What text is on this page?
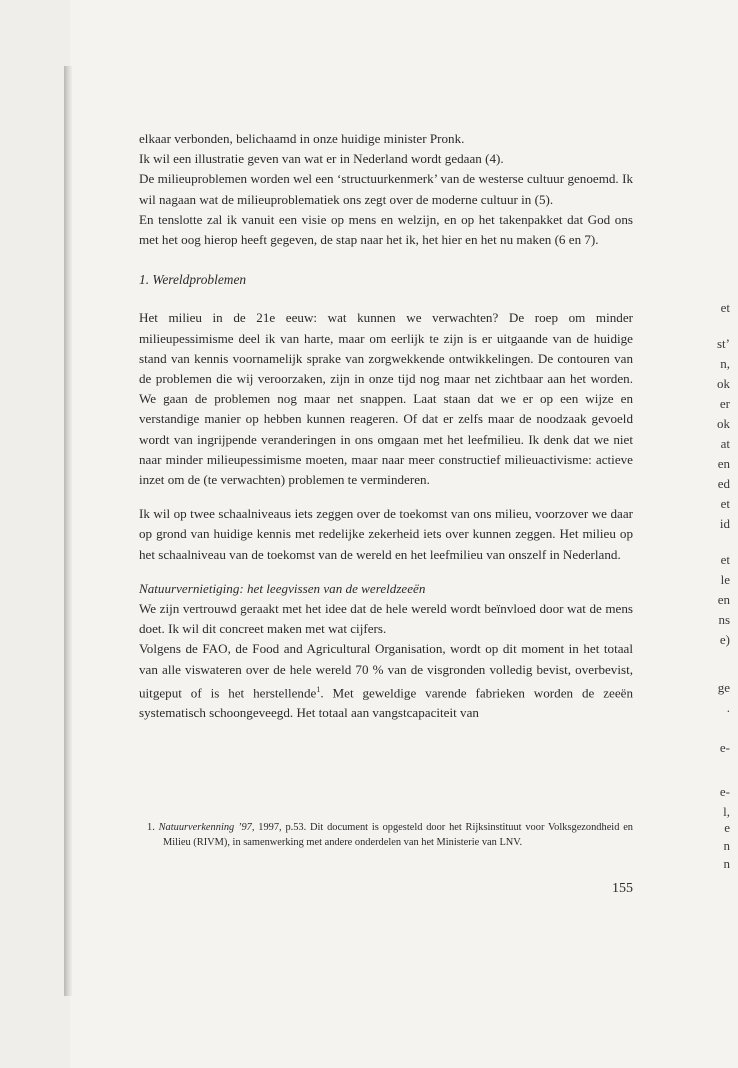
et
st’
n,
ok
er
ok
at
en
ed
et
id
et
le
en
ns
e)
ge
.
e-
e-
l,
e
n
n

elkaar verbonden, belichaamd in onze huidige minister Pronk.

Ik wil een illustratie geven van wat er in Nederland wordt gedaan (4).

De milieuproblemen worden wel een ‘structuurkenmerk’ van de westerse cultuur genoemd. Ik wil nagaan wat de milieuproblematiek ons zegt over de moderne cultuur in (5).

En tenslotte zal ik vanuit een visie op mens en welzijn, en op het takenpakket dat God ons met het oog hierop heeft gegeven, de stap naar het ik, het hier en het nu maken (6 en 7).

1. Wereldproblemen

Het milieu in de 21e eeuw: wat kunnen we verwachten? De roep om minder milieupessimisme deel ik van harte, maar om eerlijk te zijn is er uitgaande van de huidige stand van kennis voornamelijk sprake van zorgwekkende ontwikkelingen. De contouren van de problemen die wij veroorzaken, zijn in onze tijd nog maar net zichtbaar aan het worden. We gaan de problemen nog maar net snappen. Laat staan dat we er op een wijze en verstandige manier op hebben kunnen reageren. Of dat er zelfs maar de noodzaak gevoeld wordt van ingrijpende veranderingen in ons omgaan met het leefmilieu. Ik denk dat we niet naar minder milieupessimisme moeten, maar naar meer constructief milieuactivisme: actieve inzet om de (te verwachten) problemen te verminderen.

Ik wil op twee schaalniveaus iets zeggen over de toekomst van ons milieu, voorzover we daar op grond van huidige kennis met redelijke zekerheid iets over kunnen zeggen. Het milieu op het schaalniveau van de toekomst van de wereld en het leefmilieu van onszelf in Nederland.

Natuurvernietiging: het leegvissen van de wereldzeeën

We zijn vertrouwd geraakt met het idee dat de hele wereld wordt beïnvloed door wat de mens doet. Ik wil dit concreet maken met wat cijfers.

Volgens de FAO, de Food and Agricultural Organisation, wordt op dit moment in het totaal van alle viswateren over de hele wereld 70 % van de visgronden volledig bevist, overbevist, uitgeput of is het herstellende$^1$. Met geweldige varende fabrieken worden de zeeën systematisch schoongeveegd. Het totaal aan vangstcapaciteit van

1. Natuurverkenning ’97, 1997, p.53. Dit document is opgesteld door het Rijksinstituut voor Volksgezondheid en Milieu (RIVM), in samenwerking met andere onderdelen van het Ministerie van LNV.
155
